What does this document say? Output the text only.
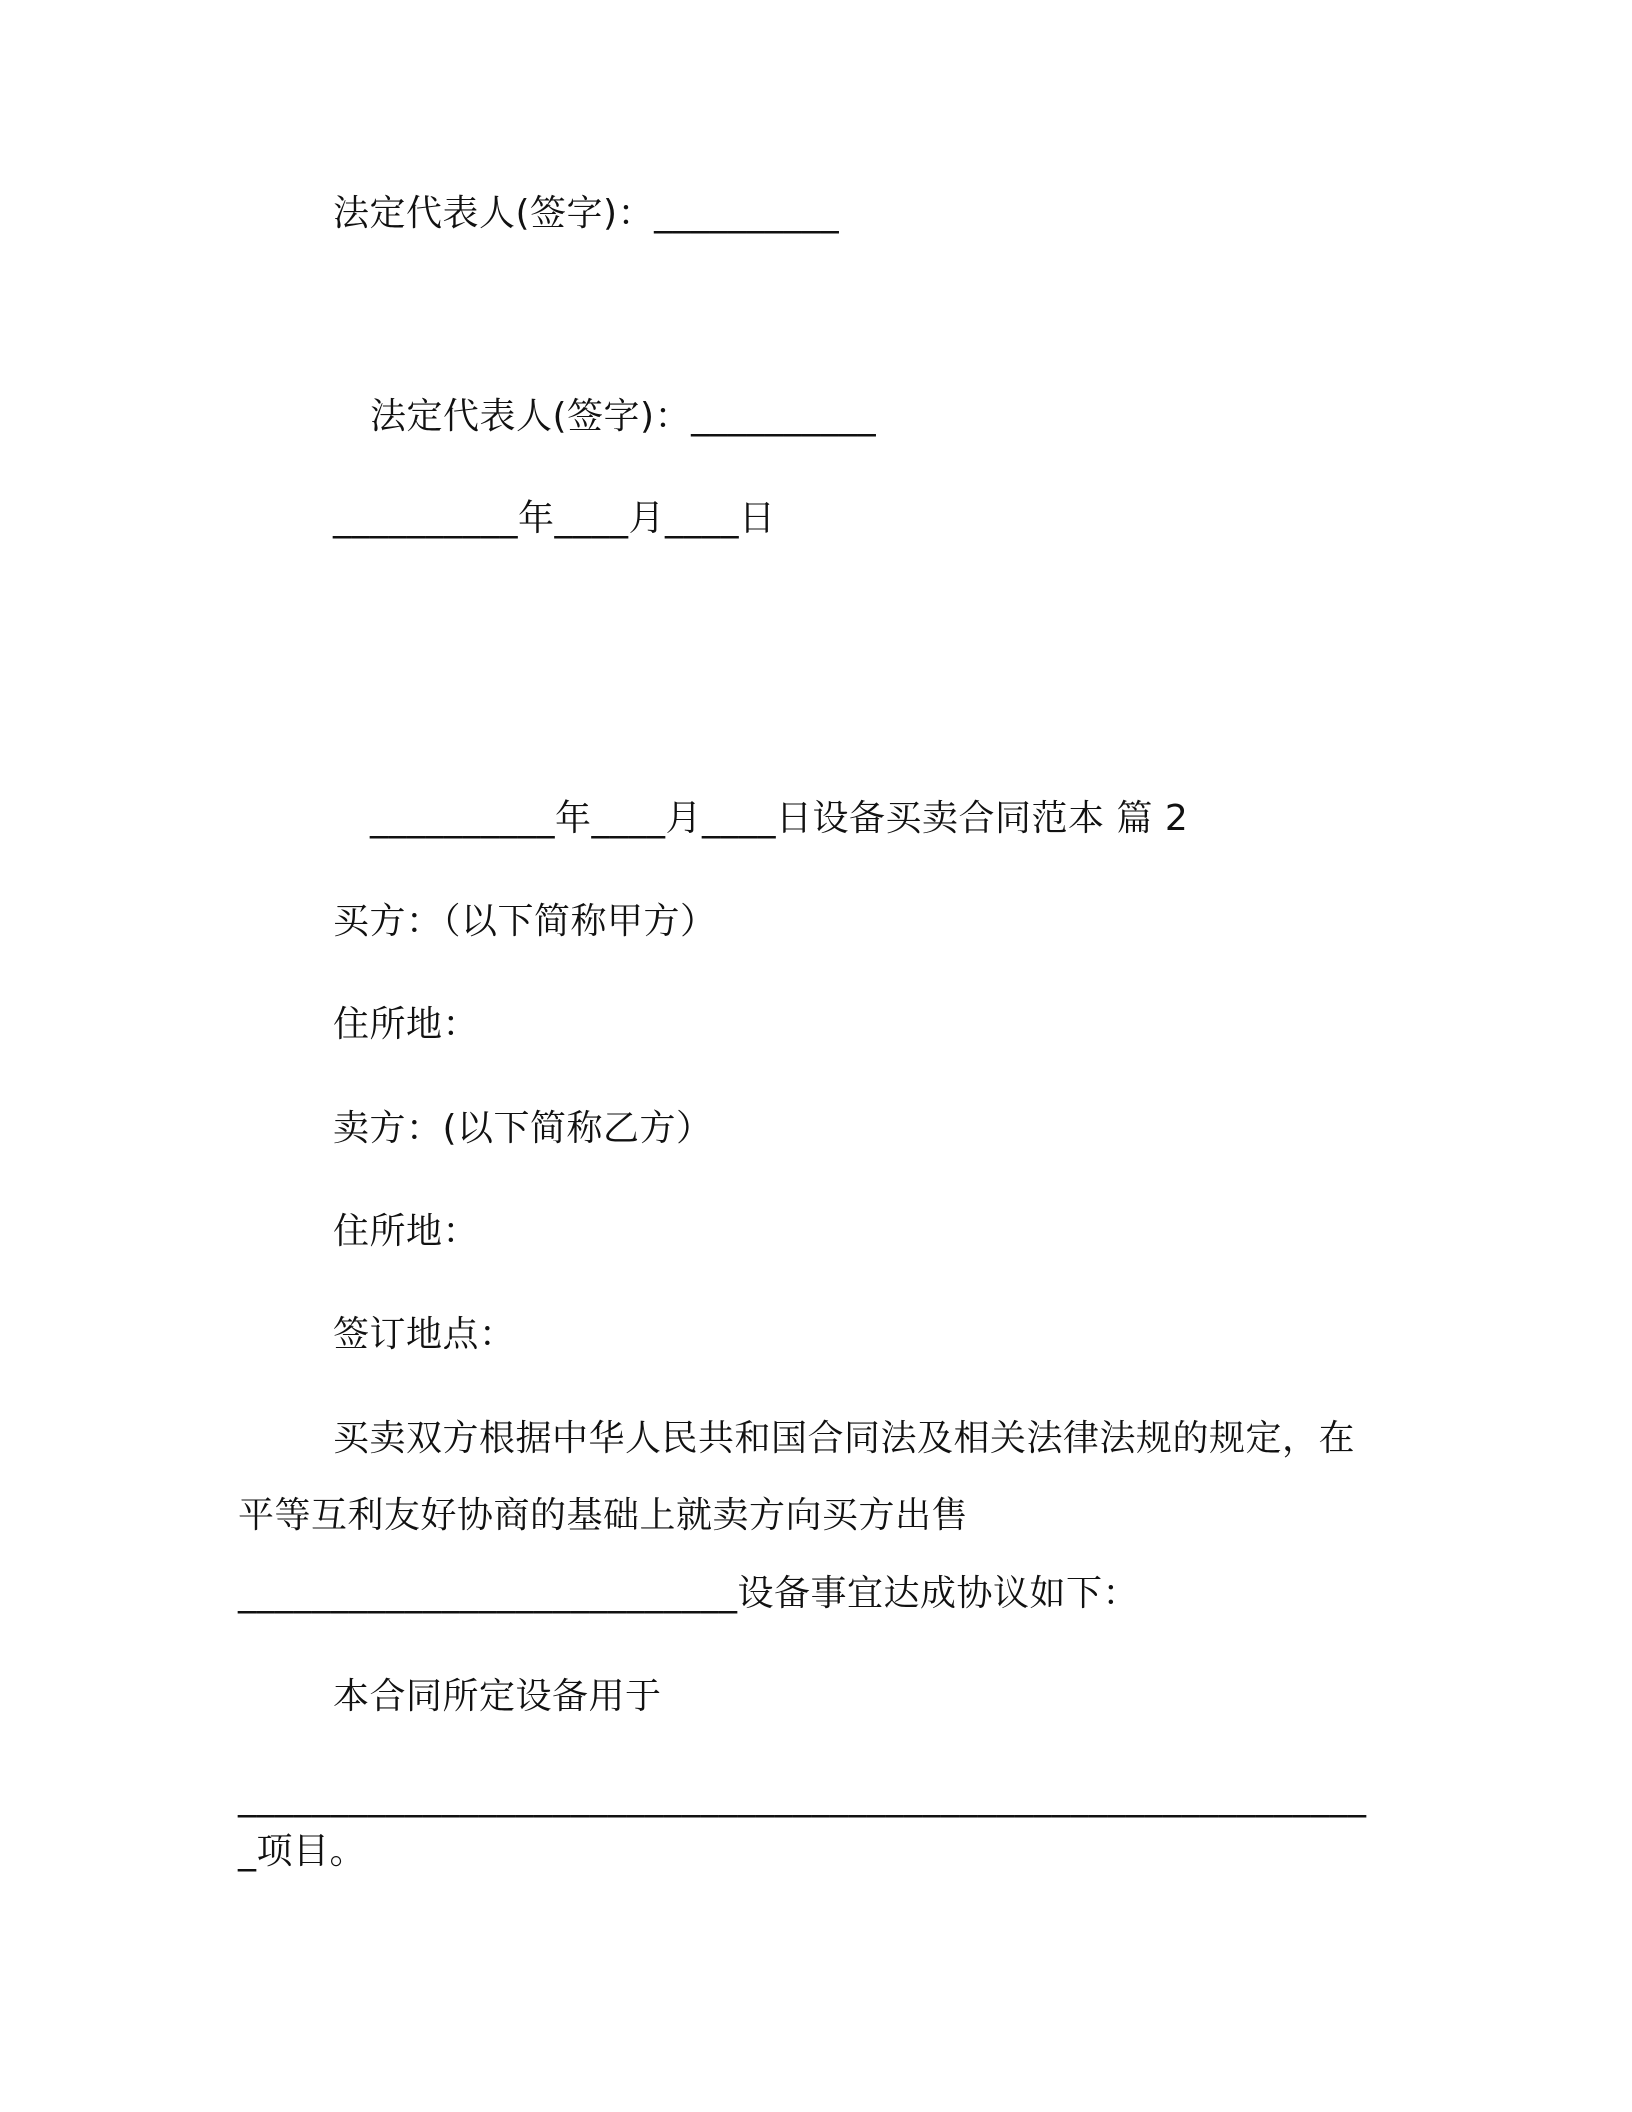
法定代表人(签字)：__________
法定代表人(签字)：__________
__________年____月____日
__________年____月____日设备买卖合同范本 篇 2
买方：（以下简称甲方）
住所地：
卖方：(以下简称乙方）
住所地：
签订地点：
买卖双方根据中华人民共和国合同法及相关法律法规的规定，在
平等互利友好协商的基础上就卖方向买方出售
___________________________设备事宜达成协议如下：
本合同所定设备用于
_____________________________________________________________
_项目。
